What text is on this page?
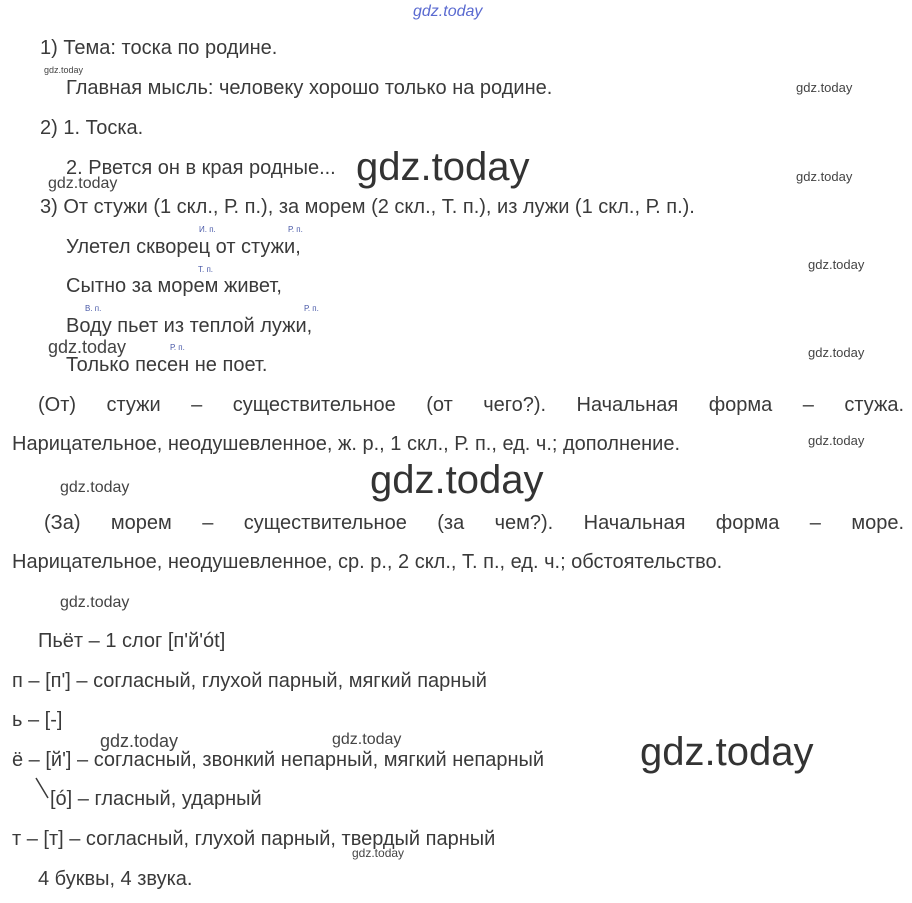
gdz.today
1) Тема: тоска по родине.
Главная мысль: человеку хорошо только на родине.
2) 1. Тоска.
2. Рвется он в края родные...
3) От стужи (1 скл., Р. п.), за морем (2 скл., Т. п.), из лужи (1 скл., Р. п.).
Улетел скворец от стужи,
Сытно за морем живет,
Воду пьет из теплой лужи,
Только песен не поет.
И. п.	Р. п.
Т. п.
В. п.	Р. п.
Р. п.
(От) стужи – существительное (от чего?). Начальная форма – стужа.
Нарицательное, неодушевленное, ж. р., 1 скл., Р. п., ед. ч.; дополнение.
(За) морем – существительное (за чем?). Начальная форма – море.
Нарицательное, неодушевленное, ср. р., 2 скл., Т. п., ед. ч.; обстоятельство.
Пьёт – 1 слог [п'й'ót]
п – [п'] – согласный, глухой парный, мягкий парный
ь – [-]
ё – [й'] – согласный, звонкий непарный, мягкий непарный
[ó] – гласный, ударный
т – [т] – согласный, глухой парный, твердый парный
4 буквы, 4 звука.
gdz.today
gdz.today
gdz.today
gdz.today	gdz.today
gdz.today
gdz.today	gdz.today
gdz.today
gdz.today
gdz.today
gdz.today
gdz.today	gdz.today	gdz.today
gdz.today
